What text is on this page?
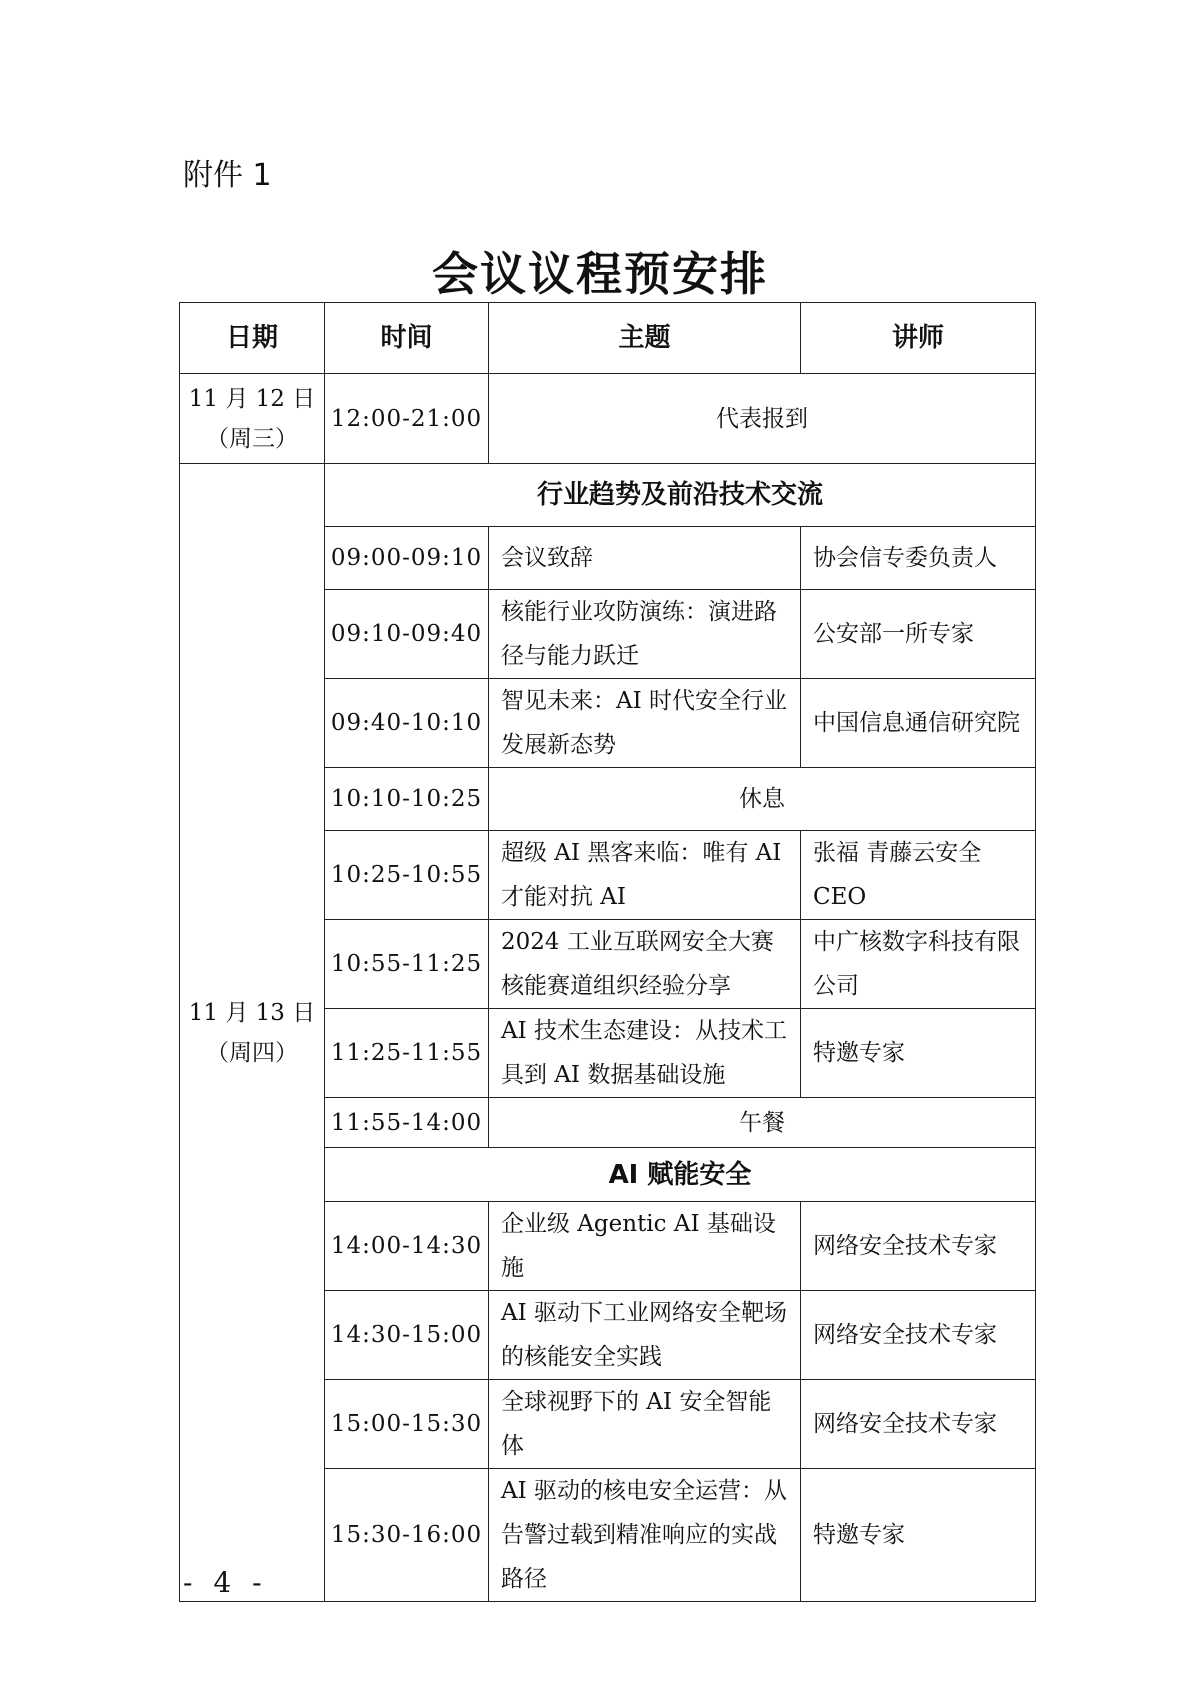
附件 1
会议议程预安排
日期	时间	主题	讲师

11 月 12 日
（周三）	12:00-21:00	代表报到	

11 月 13 日
（周四）	行业趋势及前沿技术交流		
	09:00-09:10	会议致辞	协会信专委负责人
	09:10-09:40	核能行业攻防演练：演进路径与能力跃迁	公安部一所专家
	09:40-10:10	智见未来：AI 时代安全行业发展新态势	中国信息通信研究院
	10:10-10:25	休息	
	10:25-10:55	超级 AI 黑客来临：唯有 AI 才能对抗 AI	张福 青藤云安全 CEO
	10:55-11:25	2024 工业互联网安全大赛核能赛道组织经验分享	中广核数字科技有限公司
	11:25-11:55	AI 技术生态建设：从技术工具到 AI 数据基础设施	特邀专家
	11:55-14:00	午餐	
	AI 赋能安全		
	14:00-14:30	企业级 Agentic AI 基础设施	网络安全技术专家
	14:30-15:00	AI 驱动下工业网络安全靶场的核能安全实践	网络安全技术专家
	15:00-15:30	全球视野下的 AI 安全智能体	网络安全技术专家
	15:30-16:00	AI 驱动的核电安全运营：从告警过载到精准响应的实战路径	特邀专家
- 4 -
